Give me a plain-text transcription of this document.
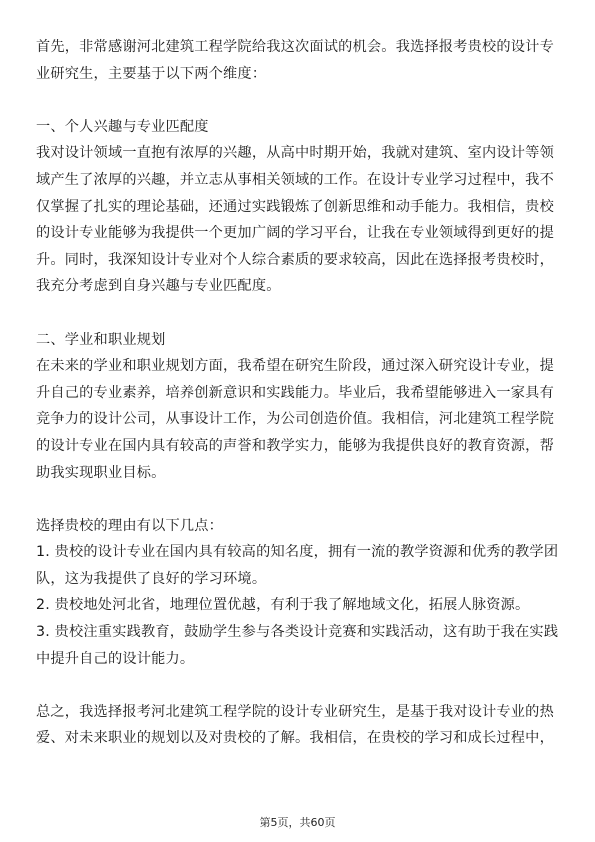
首先，非常感谢河北建筑工程学院给我这次面试的机会。我选择报考贵校的设计专业研究生，主要基于以下两个维度：

一、个人兴趣与专业匹配度

我对设计领域一直抱有浓厚的兴趣，从高中时期开始，我就对建筑、室内设计等领域产生了浓厚的兴趣，并立志从事相关领域的工作。在设计专业学习过程中，我不仅掌握了扎实的理论基础，还通过实践锻炼了创新思维和动手能力。我相信，贵校的设计专业能够为我提供一个更加广阔的学习平台，让我在专业领域得到更好的提升。同时，我深知设计专业对个人综合素质的要求较高，因此在选择报考贵校时，我充分考虑到自身兴趣与专业匹配度。

二、学业和职业规划

在未来的学业和职业规划方面，我希望在研究生阶段，通过深入研究设计专业，提升自己的专业素养，培养创新意识和实践能力。毕业后，我希望能够进入一家具有竞争力的设计公司，从事设计工作，为公司创造价值。我相信，河北建筑工程学院的设计专业在国内具有较高的声誉和教学实力，能够为我提供良好的教育资源，帮助我实现职业目标。

选择贵校的理由有以下几点：

1. 贵校的设计专业在国内具有较高的知名度，拥有一流的教学资源和优秀的教学团队，这为我提供了良好的学习环境。

2. 贵校地处河北省，地理位置优越，有利于我了解地域文化，拓展人脉资源。

3. 贵校注重实践教育，鼓励学生参与各类设计竞赛和实践活动，这有助于我在实践中提升自己的设计能力。

总之，我选择报考河北建筑工程学院的设计专业研究生，是基于我对设计专业的热爱、对未来职业的规划以及对贵校的了解。我相信，在贵校的学习和成长过程中，

第5页，共60页
